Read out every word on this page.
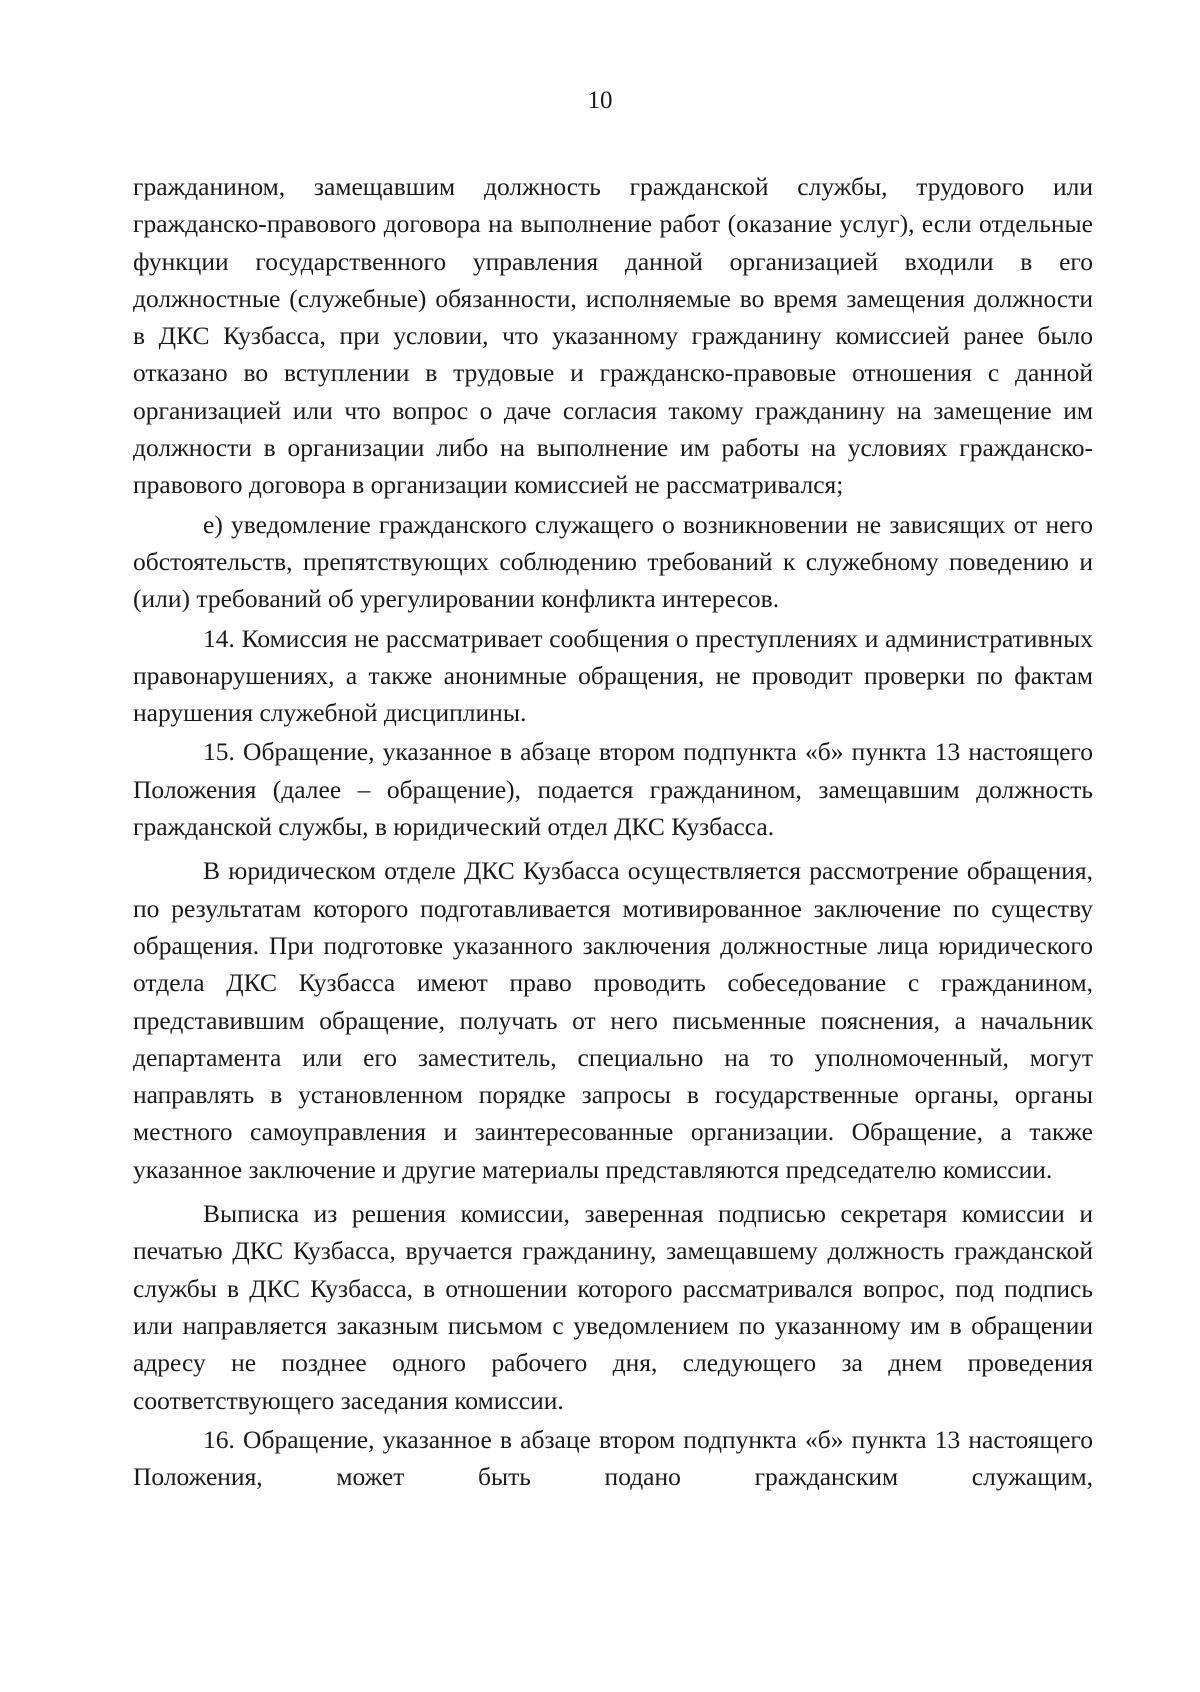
10

гражданином, замещавшим должность гражданской службы, трудового или гражданско-правового договора на выполнение работ (оказание услуг), если отдельные функции государственного управления данной организацией входили в его должностные (служебные) обязанности, исполняемые во время замещения должности в ДКС Кузбасса, при условии, что указанному гражданину комиссией ранее было отказано во вступлении в трудовые и гражданско-правовые отношения с данной организацией или что вопрос о даче согласия такому гражданину на замещение им должности в организации либо на выполнение им работы на условиях гражданско-правового договора в организации комиссией не рассматривался;

е) уведомление гражданского служащего о возникновении не зависящих от него обстоятельств, препятствующих соблюдению требований к служебному поведению и (или) требований об урегулировании конфликта интересов.

14. Комиссия не рассматривает сообщения о преступлениях и административных правонарушениях, а также анонимные обращения, не проводит проверки по фактам нарушения служебной дисциплины.

15. Обращение, указанное в абзаце втором подпункта «б» пункта 13 настоящего Положения (далее – обращение), подается гражданином, замещавшим должность гражданской службы, в юридический отдел ДКС Кузбасса.

В юридическом отделе ДКС Кузбасса осуществляется рассмотрение обращения, по результатам которого подготавливается мотивированное заключение по существу обращения. При подготовке указанного заключения должностные лица юридического отдела ДКС Кузбасса имеют право проводить собеседование с гражданином, представившим обращение, получать от него письменные пояснения, а начальник департамента или его заместитель, специально на то уполномоченный, могут направлять в установленном порядке запросы в государственные органы, органы местного самоуправления и заинтересованные организации. Обращение, а также указанное заключение и другие материалы представляются председателю комиссии.

Выписка из решения комиссии, заверенная подписью секретаря комиссии и печатью ДКС Кузбасса, вручается гражданину, замещавшему должность гражданской службы в ДКС Кузбасса, в отношении которого рассматривался вопрос, под подпись или направляется заказным письмом с уведомлением по указанному им в обращении адресу не позднее одного рабочего дня, следующего за днем проведения соответствующего заседания комиссии.

16. Обращение, указанное в абзаце втором подпункта «б» пункта 13 настоящего Положения, может быть подано гражданским служащим,
